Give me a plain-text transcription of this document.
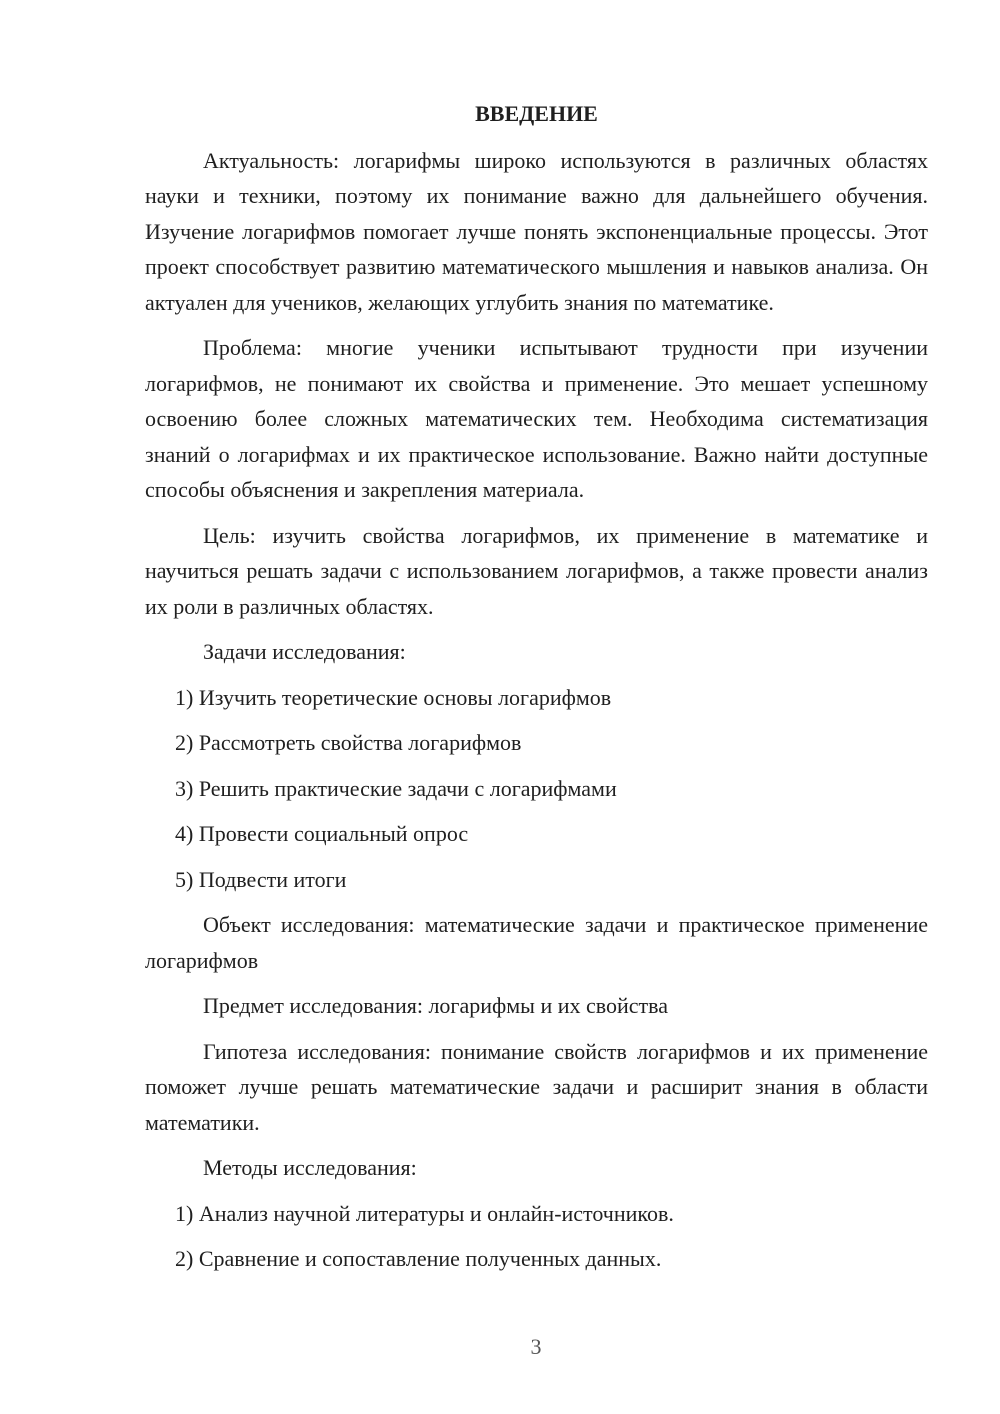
ВВЕДЕНИЕ

Актуальность: логарифмы широко используются в различных областях науки и техники, поэтому их понимание важно для дальнейшего обучения. Изучение логарифмов помогает лучше понять экспоненциальные процессы. Этот проект способствует развитию математического мышления и навыков анализа. Он актуален для учеников, желающих углубить знания по математике.

Проблема: многие ученики испытывают трудности при изучении логарифмов, не понимают их свойства и применение. Это мешает успешному освоению более сложных математических тем. Необходима систематизация знаний о логарифмах и их практическое использование. Важно найти доступные способы объяснения и закрепления материала.

Цель: изучить свойства логарифмов, их применение в математике и научиться решать задачи с использованием логарифмов, а также провести анализ их роли в различных областях.

Задачи исследования:

1) Изучить теоретические основы логарифмов
2) Рассмотреть свойства логарифмов
3) Решить практические задачи с логарифмами
4) Провести социальный опрос
5) Подвести итоги

Объект исследования: математические задачи и практическое применение логарифмов

Предмет исследования: логарифмы и их свойства

Гипотеза исследования: понимание свойств логарифмов и их применение поможет лучше решать математические задачи и расширит знания в области математики.

Методы исследования:

1) Анализ научной литературы и онлайн-источников.
2) Сравнение и сопоставление полученных данных.
3
